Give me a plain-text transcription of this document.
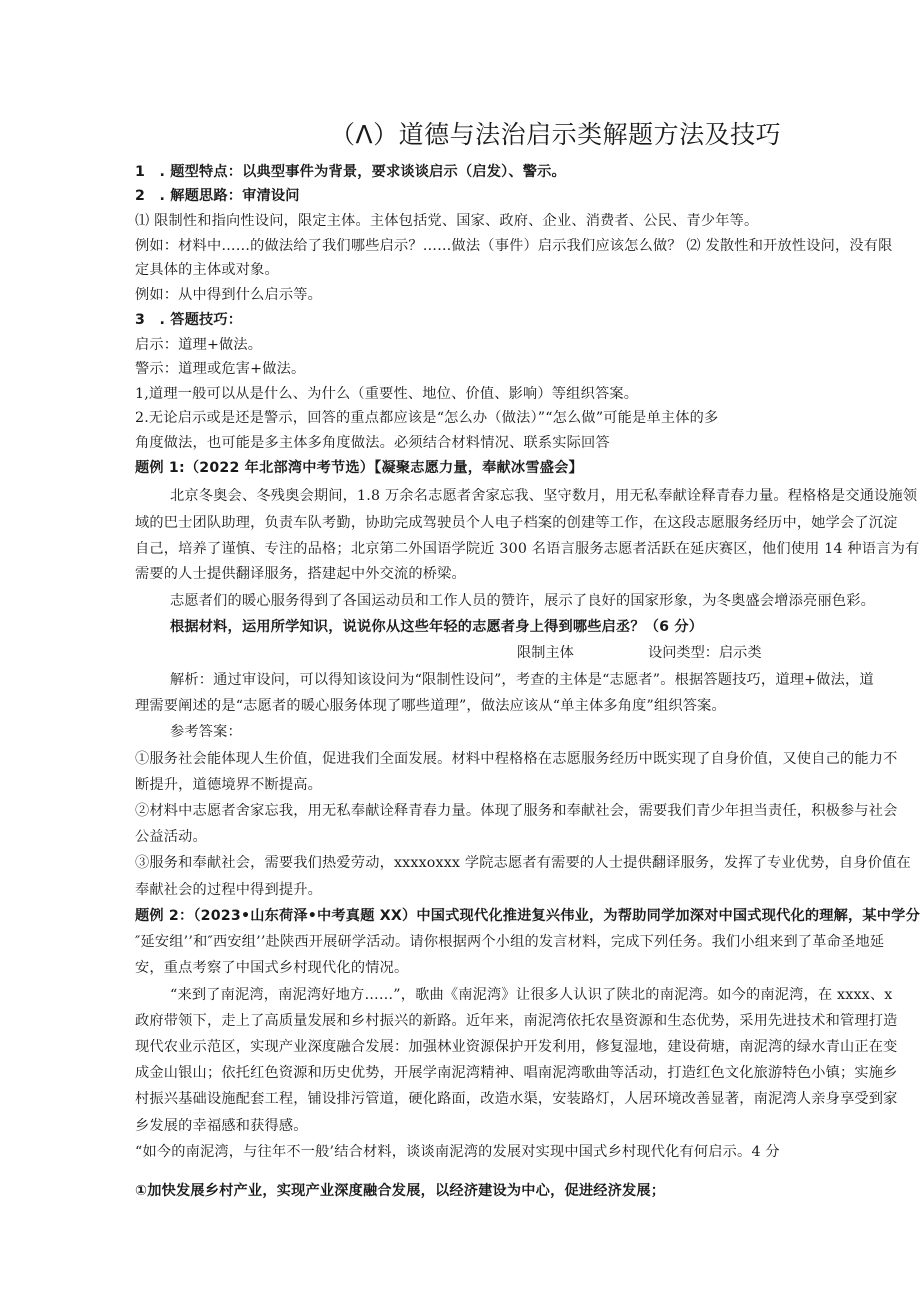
（Λ）道德与法治启示类解题方法及技巧
1　. 题型特点：以典型事件为背景，要求谈谈启示（启发）、警示。
2　. 解题思路：审清设问
⑴ 限制性和指向性设问，限定主体。主体包括党、国家、政府、企业、消费者、公民、青少年等。
例如：材料中……的做法给了我们哪些启示？……做法（事件）启示我们应该怎么做？ ⑵ 发散性和开放性设问，没有限
定具体的主体或对象。
例如：从中得到什么启示等。
3　. 答题技巧：
启示：道理+做法。
警示：道理或危害+做法。
1,道理一般可以从是什么、为什么（重要性、地位、价值、影响）等组织答案。
2.无论启示或是还是警示，回答的重点都应该是“怎么办（做法）”“怎么做”可能是单主体的多
角度做法，也可能是多主体多角度做法。必须结合材料情况、联系实际回答
题例 1:（2022 年北部湾中考节选）【凝聚志愿力量，奉献冰雪盛会】
北京冬奥会、冬残奥会期间，1.8 万余名志愿者舍家忘我、坚守数月，用无私奉献诠释青春力量。程格格是交通设施领
域的巴士团队助理，负责车队考勤，协助完成驾驶员个人电子档案的创建等工作，在这段志愿服务经历中，她学会了沉淀
自己，培养了谨慎、专注的品格；北京第二外国语学院近 300 名语言服务志愿者活跃在延庆赛区，他们使用 14 种语言为有
需要的人士提供翻译服务，搭建起中外交流的桥梁。
志愿者们的暖心服务得到了各国运动员和工作人员的赞许，展示了良好的国家形象，为冬奥盛会增添亮丽色彩。
根据材料，运用所学知识，说说你从这些年轻的志愿者身上得到哪些启丞？（6 分）
限制主体	设问类型：启示类
解析：通过审设问，可以得知该设问为“限制性设问”，考查的主体是“志愿者”。根据答题技巧，道理+做法，道
理需要阐述的是“志愿者的暖心服务体现了哪些道理”，做法应该从“单主体多角度”组织答案。
参考答案：
①服务社会能体现人生价值，促进我们全面发展。材料中程格格在志愿服务经历中既实现了自身价值，又使自己的能力不
断提升，道德境界不断提高。
②材料中志愿者舍家忘我，用无私奉献诠释青春力量。体现了服务和奉献社会，需要我们青少年担当责任，积极参与社会
公益活动。
③服务和奉献社会，需要我们热爱劳动，xxxxoxxx 学院志愿者有需要的人士提供翻译服务，发挥了专业优势，自身价值在
奉献社会的过程中得到提升。
题例 2：（2023•山东荷泽•中考真题 XX）中国式现代化推进复兴伟业，为帮助同学加深对中国式现代化的理解，某中学分
″延安组’’和″西安组’’赴陕西开展研学活动。请你根据两个小组的发言材料，完成下列任务。我们小组来到了革命圣地延
安，重点考察了中国式乡村现代化的情况。
“来到了南泥湾，南泥湾好地方……”，歌曲《南泥湾》让很多人认识了陕北的南泥湾。如今的南泥湾，在 xxxx、x
政府带领下，走上了高质量发展和乡村振兴的新路。近年来，南泥湾依托农垦资源和生态优势，采用先进技术和管理打造
现代农业示范区，实现产业深度融合发展：加强林业资源保护开发利用，修复湿地，建设荷塘，南泥湾的绿水青山正在变
成金山银山；依托红色资源和历史优势，开展学南泥湾精神、唱南泥湾歌曲等活动，打造红色文化旅游特色小镇；实施乡
村振兴基础设施配套工程，铺设排污管道，硬化路面，改造水渠，安装路灯，人居环境改善显著，南泥湾人亲身享受到家
乡发展的幸福感和获得感。
“如今的南泥湾，与往年不一般’结合材料，谈谈南泥湾的发展对实现中国式乡村现代化有何启示。4 分
①加快发展乡村产业，实现产业深度融合发展，以经济建设为中心，促进经济发展；
